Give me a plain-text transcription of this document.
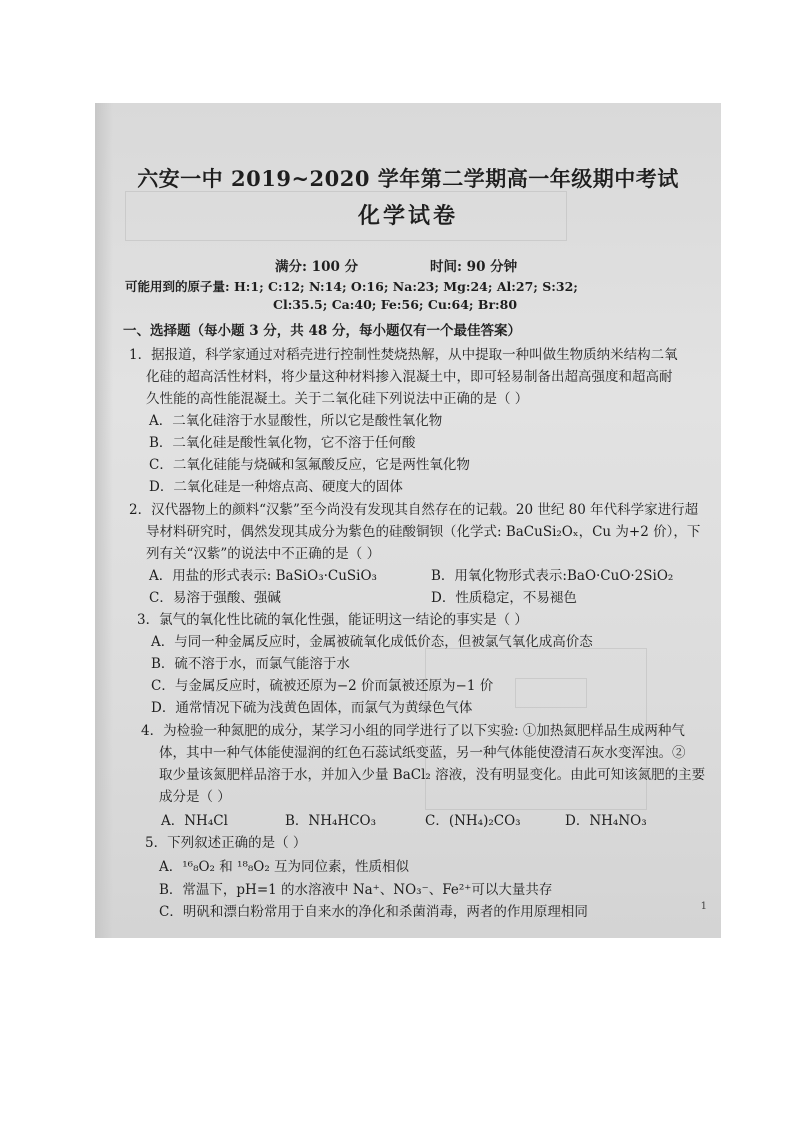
六安一中 2019~2020 学年第二学期高一年级期中考试
化学试卷
满分: 100 分	时间: 90 分钟
可能用到的原子量: H:1; C:12; N:14; O:16; Na:23; Mg:24; Al:27; S:32;
Cl:35.5; Ca:40; Fe:56; Cu:64; Br:80
一、选择题（每小题 3 分，共 48 分，每小题仅有一个最佳答案）
1．据报道，科学家通过对稻壳进行控制性焚烧热解，从中提取一种叫做生物质纳米结构二氧
化硅的超高活性材料，将少量这种材料掺入混凝土中，即可轻易制备出超高强度和超高耐
久性能的高性能混凝土。关于二氧化硅下列说法中正确的是（ ）
A．二氧化硅溶于水显酸性，所以它是酸性氧化物
B．二氧化硅是酸性氧化物，它不溶于任何酸
C．二氧化硅能与烧碱和氢氟酸反应，它是两性氧化物
D．二氧化硅是一种熔点高、硬度大的固体
2．汉代器物上的颜料“汉紫”至今尚没有发现其自然存在的记载。20 世纪 80 年代科学家进行超
导材料研究时，偶然发现其成分为紫色的硅酸铜钡（化学式: BaCuSi₂Oₓ，Cu 为+2 价），下
列有关“汉紫”的说法中不正确的是（ ）
A．用盐的形式表示: BaSiO₃·CuSiO₃	B．用氧化物形式表示:BaO·CuO·2SiO₂
C．易溶于强酸、强碱	D．性质稳定，不易褪色
3．氯气的氧化性比硫的氧化性强，能证明这一结论的事实是（ ）
A．与同一种金属反应时，金属被硫氧化成低价态，但被氯气氧化成高价态
B．硫不溶于水，而氯气能溶于水
C．与金属反应时，硫被还原为−2 价而氯被还原为−1 价
D．通常情况下硫为浅黄色固体，而氯气为黄绿色气体
4．为检验一种氮肥的成分，某学习小组的同学进行了以下实验: ①加热氮肥样品生成两种气
体，其中一种气体能使湿润的红色石蕊试纸变蓝，另一种气体能使澄清石灰水变浑浊。②
取少量该氮肥样品溶于水，并加入少量 BaCl₂ 溶液，没有明显变化。由此可知该氮肥的主要
成分是（ ）
A．NH₄Cl	B．NH₄HCO₃	C．(NH₄)₂CO₃	D．NH₄NO₃
5．下列叙述正确的是（ ）
A．¹⁶₈O₂ 和 ¹⁸₈O₂ 互为同位素，性质相似
B．常温下，pH=1 的水溶液中 Na⁺、NO₃⁻、Fe²⁺可以大量共存
C．明矾和漂白粉常用于自来水的净化和杀菌消毒，两者的作用原理相同	1
